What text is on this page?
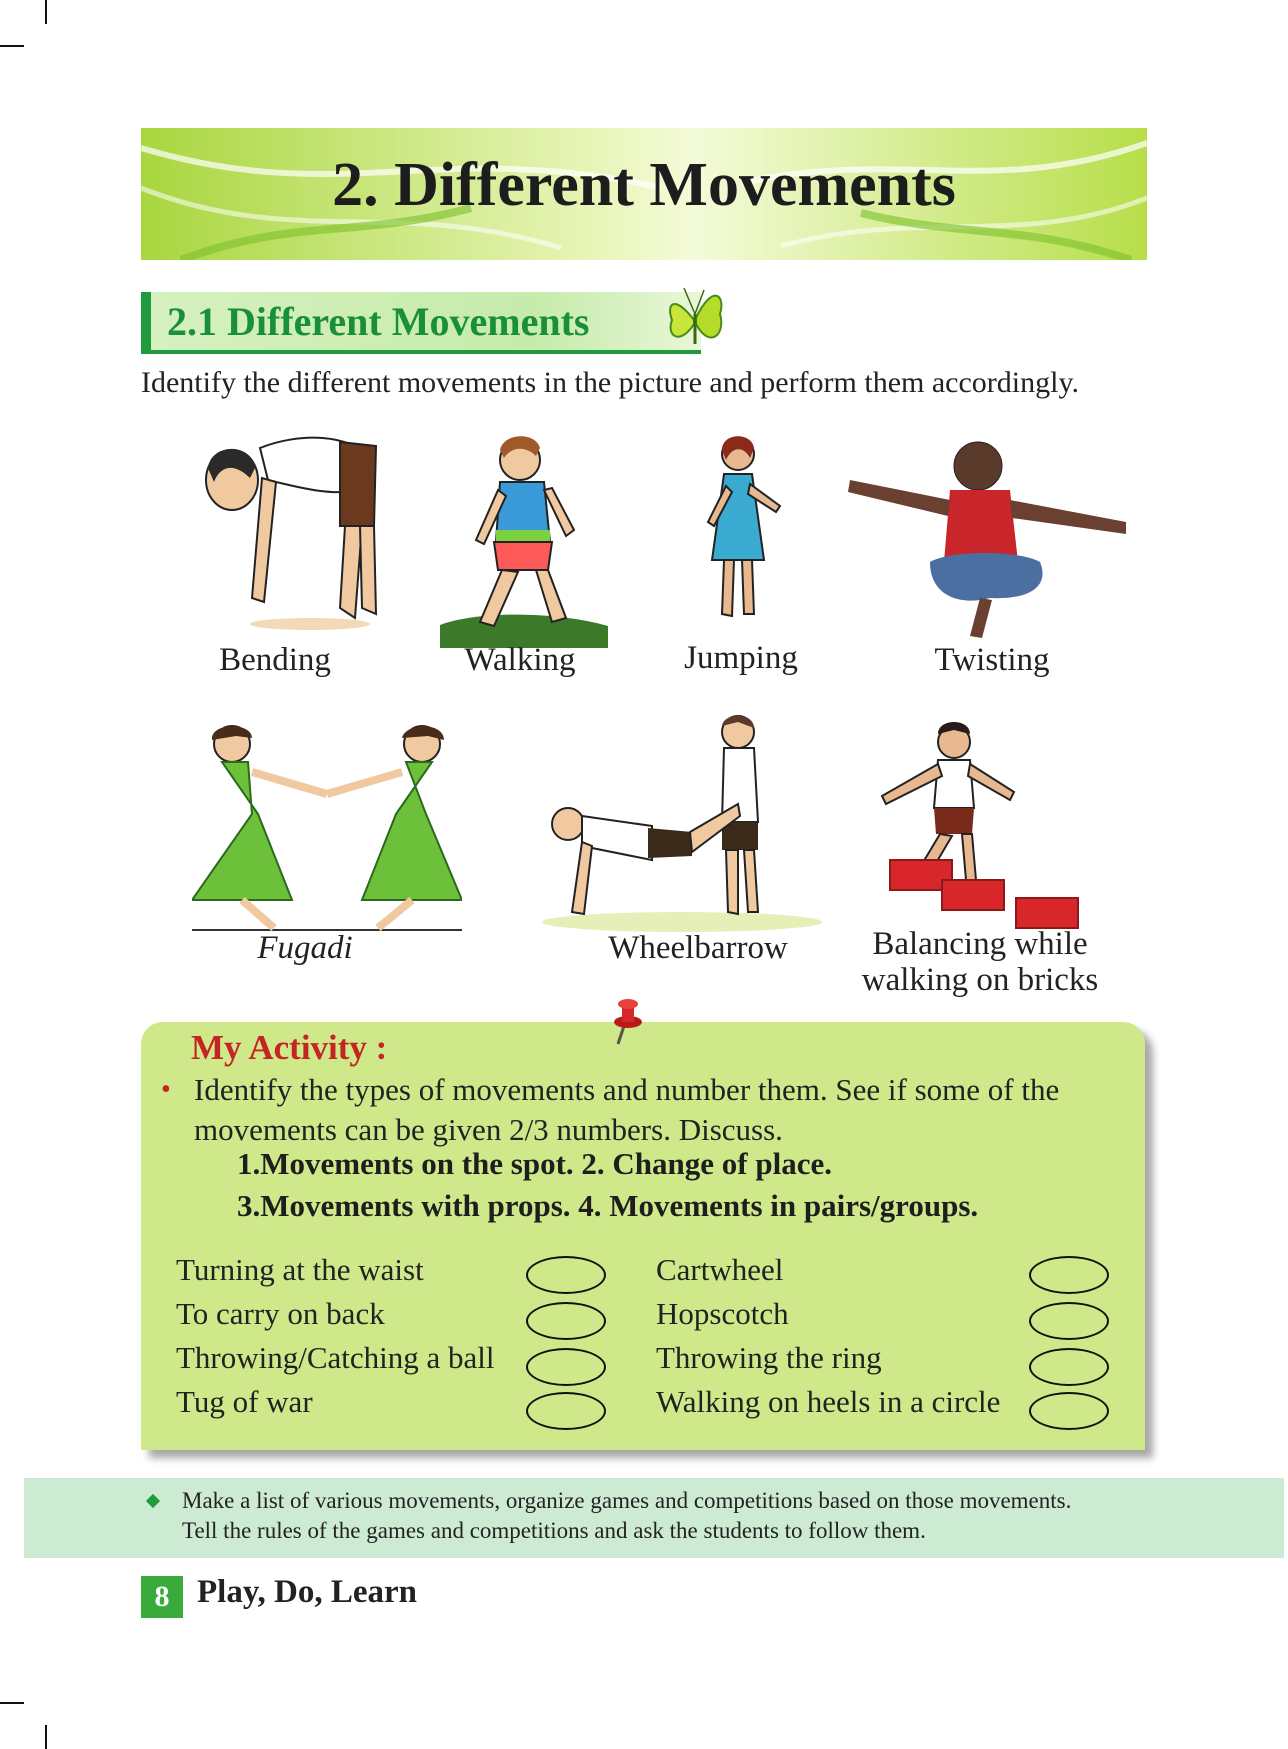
2. Different Movements
2.1 Different Movements
Identify the different movements in the picture and perform them accordingly.
Bending	Walking	Jumping	Twisting
Fugadi	Wheelbarrow	Balancing while
walking on bricks
My Activity :
• Identify the types of movements and number them. See if some of the movements can be given 2/3 numbers. Discuss.
1.Movements on the spot. 2. Change of place.
3.Movements with props. 4. Movements in pairs/groups.
Turning at the waist
To carry on back
Throwing/Catching a ball
Tug of war
Cartwheel
Hopscotch
Throwing the ring
Walking on heels in a circle
Make a list of various movements, organize games and competitions based on those movements.
Tell the rules of the games and competitions and ask the students to follow them.
8 Play, Do, Learn
